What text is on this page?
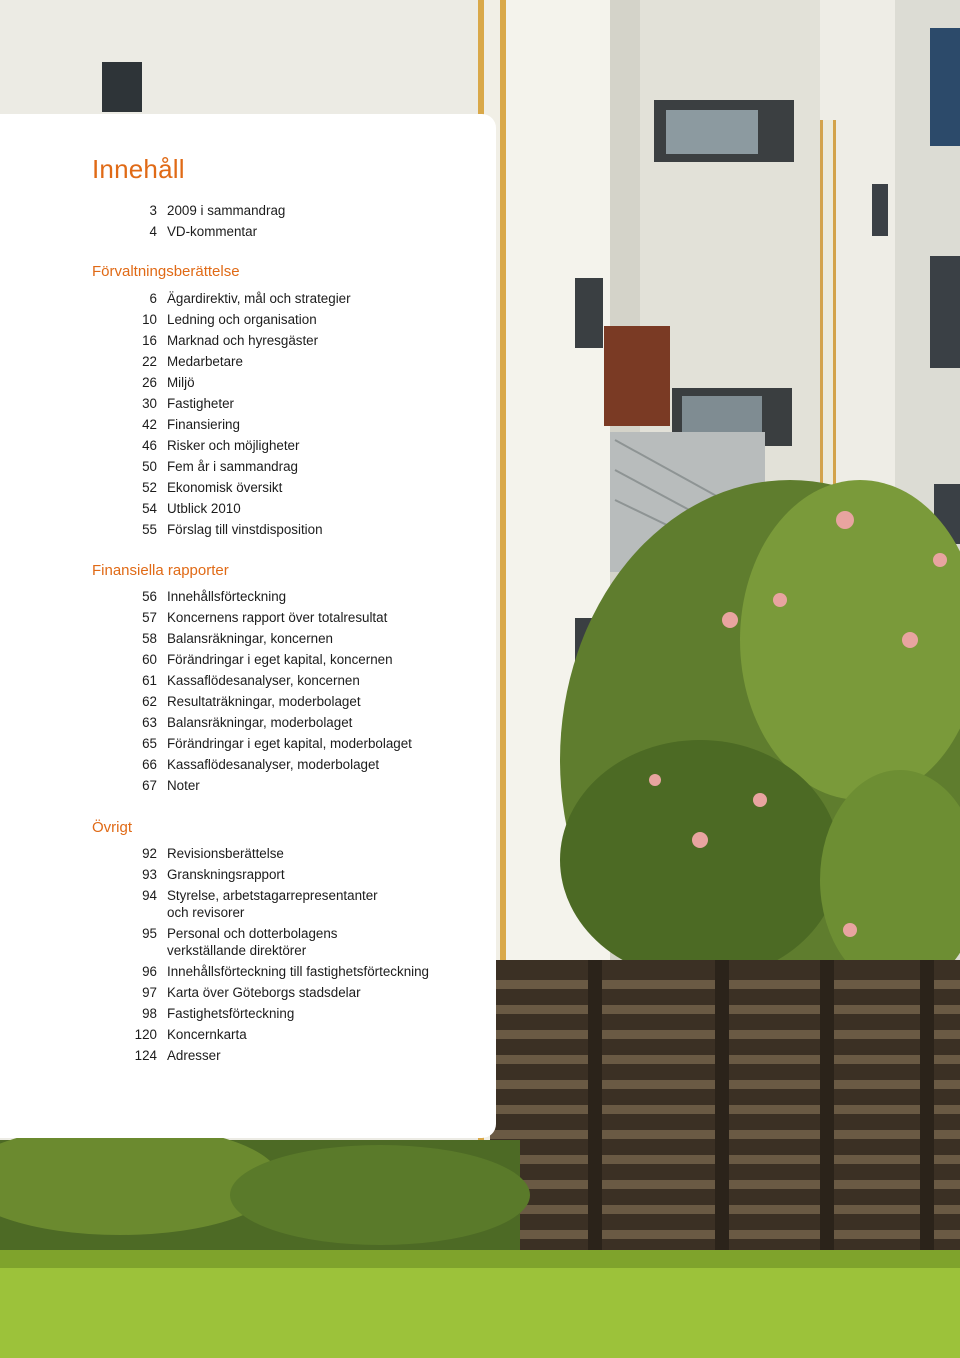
Innehåll
3 2009 i sammandrag
4 VD-kommentar
Förvaltningsberättelse
6 Ägardirektiv, mål och strategier
10 Ledning och organisation
16 Marknad och hyresgäster
22 Medarbetare
26 Miljö
30 Fastigheter
42 Finansiering
46 Risker och möjligheter
50 Fem år i sammandrag
52 Ekonomisk översikt
54 Utblick 2010
55 Förslag till vinstdisposition
Finansiella rapporter
56 Innehållsförteckning
57 Koncernens rapport över totalresultat
58 Balansräkningar, koncernen
60 Förändringar i eget kapital, koncernen
61 Kassaflödesanalyser, koncernen
62 Resultaträkningar, moderbolaget
63 Balansräkningar, moderbolaget
65 Förändringar i eget kapital, moderbolaget
66 Kassaflödesanalyser, moderbolaget
67 Noter
Övrigt
92 Revisionsberättelse
93 Granskningsrapport
94 Styrelse, arbetstagarrepresentanter
och revisorer
95 Personal och dotterbolagens
verkställande direktörer
96 Innehållsförteckning till fastighetsförteckning
97 Karta över Göteborgs stadsdelar
98 Fastighetsförteckning
120 Koncernkarta
124 Adresser
